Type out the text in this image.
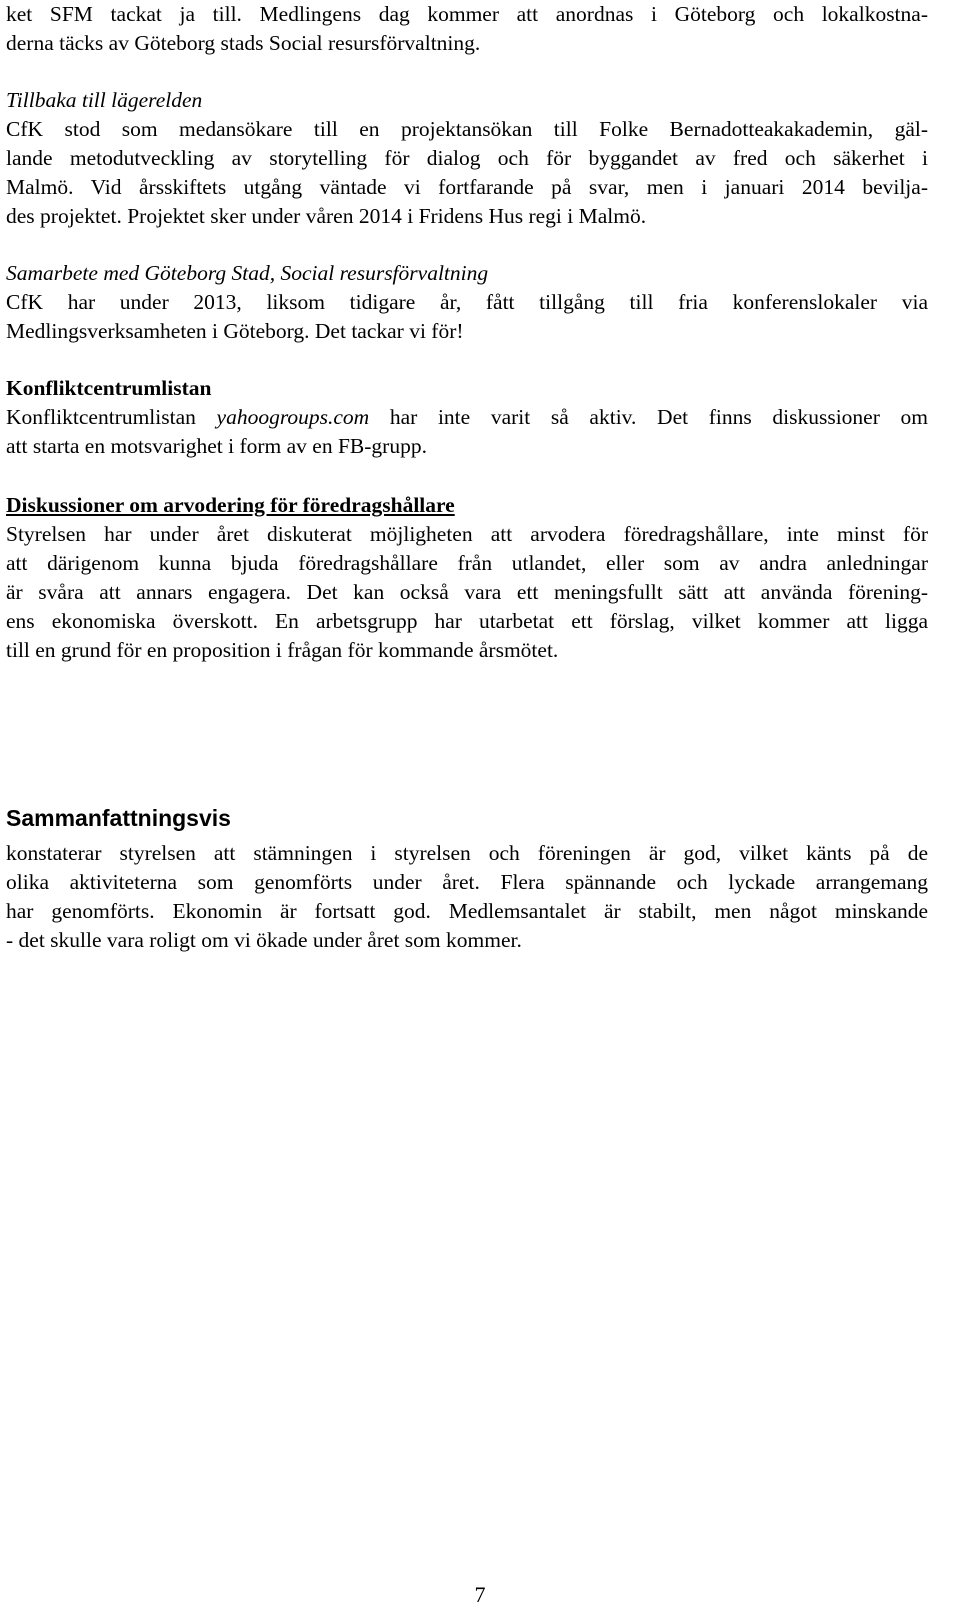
ket SFM tackat ja till. Medlingens dag kommer att anordnas i Göteborg och lokalkostna-
derna täcks av Göteborg stads Social resursförvaltning.
Tillbaka till lägerelden
CfK stod som medansökare till en projektansökan till Folke Bernadotteakakademin, gäl-
lande metodutveckling av storytelling för dialog och för byggandet av fred och säkerhet i
Malmö. Vid årsskiftets utgång väntade vi fortfarande på svar, men i januari 2014 beviljа-
des projektet. Projektet sker under våren 2014 i Fridens Hus regi i Malmö.
Samarbete med Göteborg Stad, Social resursförvaltning
CfK har under 2013, liksom tidigare år, fått tillgång till fria konferenslokaler via
Medlingsverksamheten i Göteborg. Det tackar vi för!
Konfliktcentrumlistan
Konfliktcentrumlistan yahoogroups.com har inte varit så aktiv. Det finns diskussioner om
att starta en motsvarighet i form av en FB-grupp.
Diskussioner om arvodering för föredragshållare
Styrelsen har under året diskuterat möjligheten att arvodera föredragshållare, inte minst för
att därigenom kunna bjuda föredragshållare från utlandet, eller som av andra anledningar
är svåra att annars engagera. Det kan också vara ett meningsfullt sätt att använda förening-
ens ekonomiska överskott. En arbetsgrupp har utarbetat ett förslag, vilket kommer att ligga
till en grund för en proposition i frågan för kommande årsmötet.
Sammanfattningsvis
konstaterar styrelsen att stämningen i styrelsen och föreningen är god, vilket känts på de
olika aktiviteterna som genomförts under året. Flera spännande och lyckade arrangemang
har genomförts. Ekonomin är fortsatt god. Medlemsantalet är stabilt, men något minskande
- det skulle vara roligt om vi ökade under året som kommer.
7
